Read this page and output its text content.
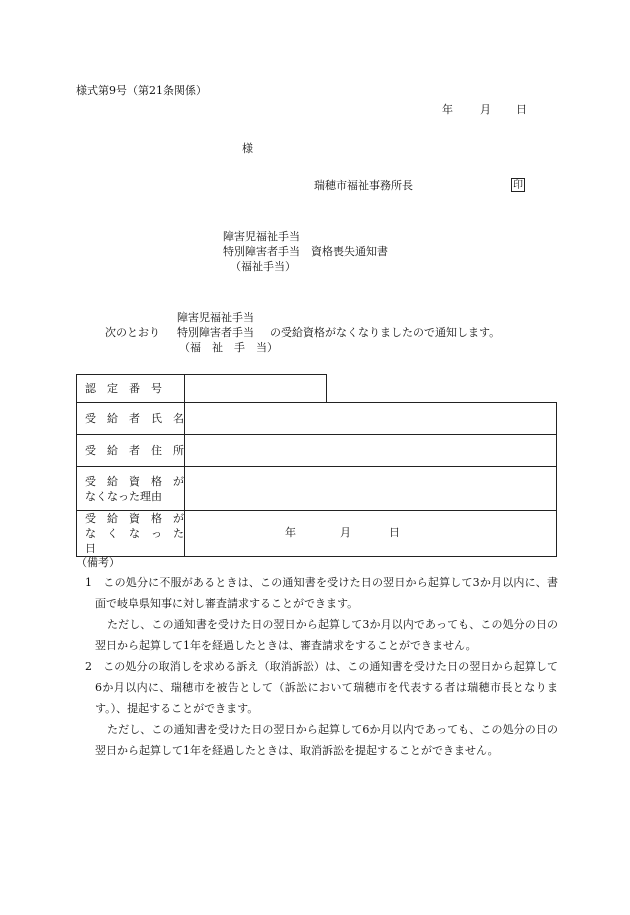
様式第9号（第21条関係）
年 月 日
様
瑞穂市福祉事務所長	印
障害児福祉手当
特別障害者手当　資格喪失通知書
（福祉手当）
障害児福祉手当
次のとおり 特別障害者手当 の受給資格がなくなりましたので通知します。
（福　祉　手　当）
認　定　番　号

受　給　者　氏　名	

受　給　者　住　所	

受　給　資　格　が
なくなった理由	

受　給　資　格　が
な　く　な　っ　た　日	年 月 日
（備考）
1　この処分に不服があるときは、この通知書を受けた日の翌日から起算して3か月以内に、書面で岐阜県知事に対し審査請求することができます。
ただし、この通知書を受けた日の翌日から起算して3か月以内であっても、この処分の日の翌日から起算して1年を経過したときは、審査請求をすることができません。
2　この処分の取消しを求める訴え（取消訴訟）は、この通知書を受けた日の翌日から起算して6か月以内に、瑞穂市を被告として（訴訟において瑞穂市を代表する者は瑞穂市長となります。）、提起することができます。
ただし、この通知書を受けた日の翌日から起算して6か月以内であっても、この処分の日の翌日から起算して1年を経過したときは、取消訴訟を提起することができません。
